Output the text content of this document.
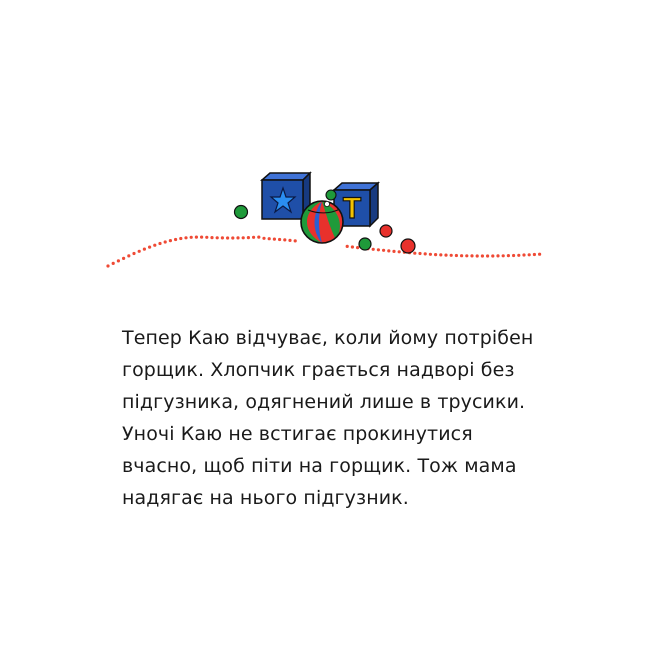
Т
Тепер Каю відчуває, коли йому потрібен
горщик. Хлопчик грається надворі без
підгузника, одягнений лише в трусики.
Уночі Каю не встигає прокинутися
вчасно, щоб піти на горщик. Тож мама
надягає на нього підгузник.
